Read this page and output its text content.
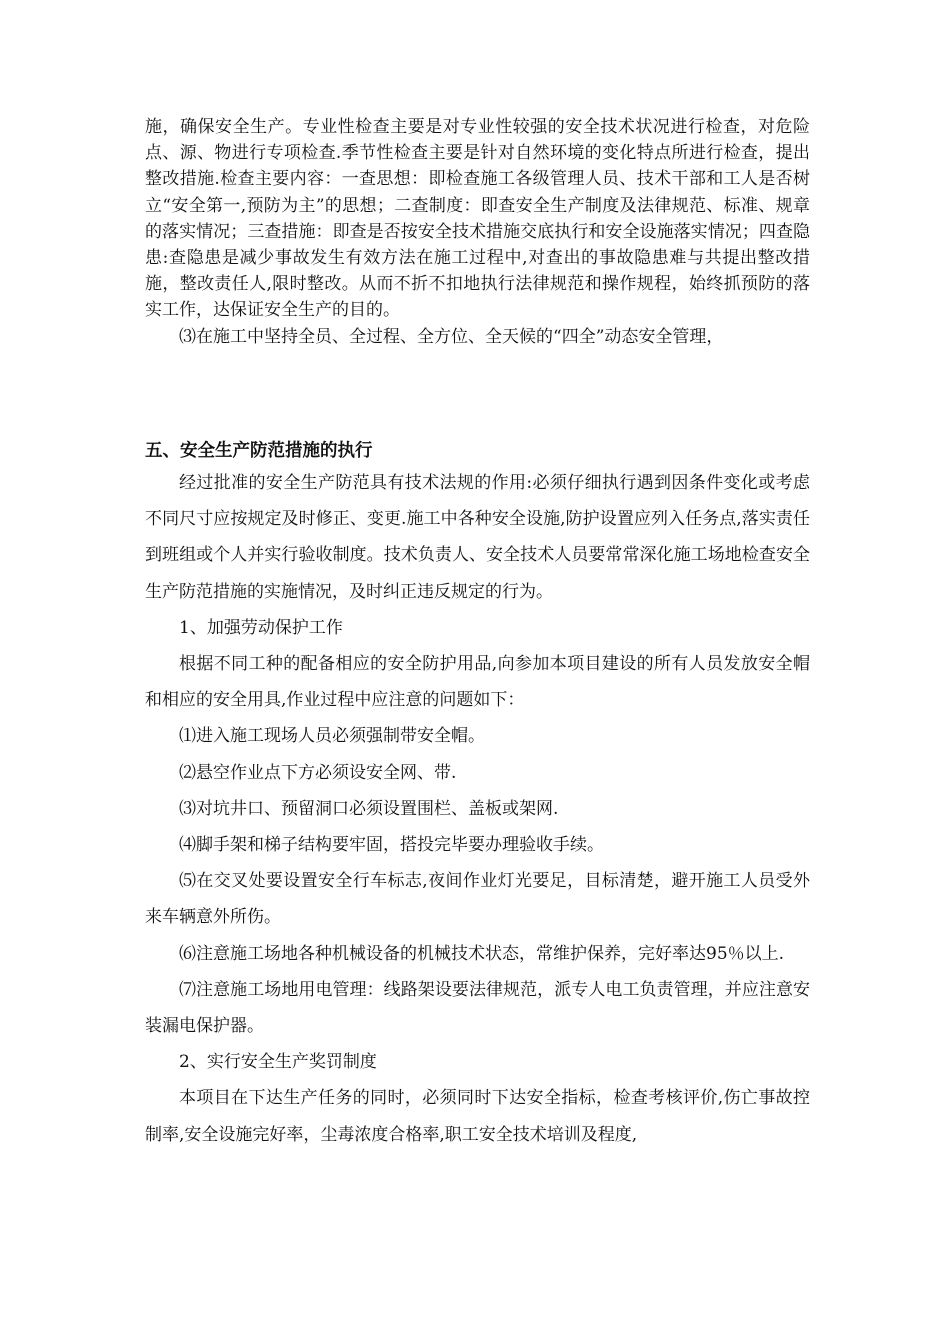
施，确保安全生产。专业性检查主要是对专业性较强的安全技术状况进行检查，对危险点、源、物进行专项检查.季节性检查主要是针对自然环境的变化特点所进行检查，提出整改措施.检查主要内容：一查思想：即检查施工各级管理人员、技术干部和工人是否树立“安全第一,预防为主”的思想；二查制度：即查安全生产制度及法律规范、标准、规章的落实情况；三查措施：即查是否按安全技术措施交底执行和安全设施落实情况；四查隐患:查隐患是减少事故发生有效方法在施工过程中,对查出的事故隐患难与共提出整改措施，整改责任人,限时整改。从而不折不扣地执行法律规范和操作规程，始终抓预防的落实工作，达保证安全生产的目的。

⑶在施工中坚持全员、全过程、全方位、全天候的“四全”动态安全管理，

五、安全生产防范措施的执行

经过批准的安全生产防范具有技术法规的作用:必须仔细执行遇到因条件变化或考虑不同尺寸应按规定及时修正、变更.施工中各种安全设施,防护设置应列入任务点,落实责任到班组或个人并实行验收制度。技术负责人、安全技术人员要常常深化施工场地检查安全生产防范措施的实施情况，及时纠正违反规定的行为。

1、加强劳动保护工作

根据不同工种的配备相应的安全防护用品,向参加本项目建设的所有人员发放安全帽和相应的安全用具,作业过程中应注意的问题如下：

⑴进入施工现场人员必须强制带安全帽。

⑵悬空作业点下方必须设安全网、带.

⑶对坑井口、预留洞口必须设置围栏、盖板或架网.

⑷脚手架和梯子结构要牢固，搭投完毕要办理验收手续。

⑸在交叉处要设置安全行车标志,夜间作业灯光要足，目标清楚，避开施工人员受外来车辆意外所伤。

⑹注意施工场地各种机械设备的机械技术状态，常维护保养，完好率达95％以上.

⑺注意施工场地用电管理：线路架设要法律规范，派专人电工负责管理，并应注意安装漏电保护器。

2、实行安全生产奖罚制度

本项目在下达生产任务的同时，必须同时下达安全指标，检查考核评价,伤亡事故控制率,安全设施完好率，尘毒浓度合格率,职工安全技术培训及程度,
